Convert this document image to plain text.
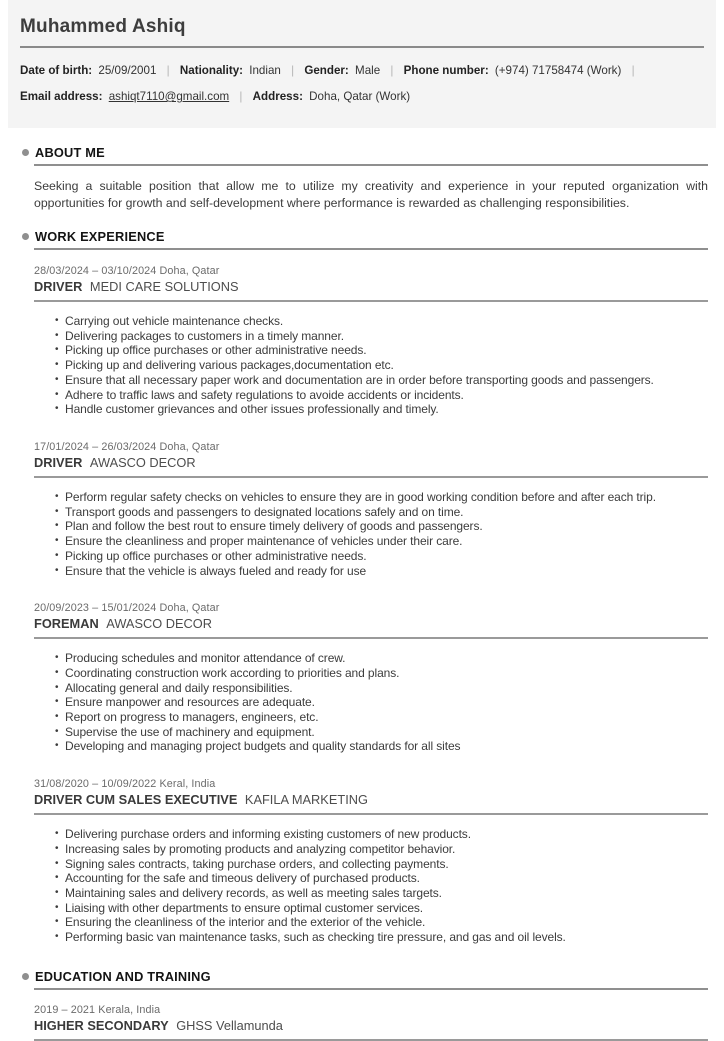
Muhammed Ashiq
Date of birth: 25/09/2001 | Nationality: Indian | Gender: Male | Phone number: (+974) 71758474 (Work) |
Email address: ashiqt7110@gmail.com | Address: Doha, Qatar (Work)
ABOUT ME

Seeking a suitable position that allow me to utilize my creativity and experience in your reputed organization with opportunities for growth and self-development where performance is rewarded as challenging responsibilities.

WORK EXPERIENCE
28/03/2024 – 03/10/2024 Doha, Qatar
DRIVER MEDI CARE SOLUTIONS
• Carrying out vehicle maintenance checks.
• Delivering packages to customers in a timely manner.
• Picking up office purchases or other administrative needs.
• Picking up and delivering various packages,documentation etc.
• Ensure that all necessary paper work and documentation are in order before transporting goods and passengers.
• Adhere to traffic laws and safety regulations to avoide accidents or incidents.
• Handle customer grievances and other issues professionally and timely.
17/01/2024 – 26/03/2024 Doha, Qatar
DRIVER AWASCO DECOR
• Perform regular safety checks on vehicles to ensure they are in good working condition before and after each trip.
• Transport goods and passengers to designated locations safely and on time.
• Plan and follow the best rout to ensure timely delivery of goods and passengers.
• Ensure the cleanliness and proper maintenance of vehicles under their care.
• Picking up office purchases or other administrative needs.
• Ensure that the vehicle is always fueled and ready for use
20/09/2023 – 15/01/2024 Doha, Qatar
FOREMAN AWASCO DECOR
• Producing schedules and monitor attendance of crew.
• Coordinating construction work according to priorities and plans.
• Allocating general and daily responsibilities.
• Ensure manpower and resources are adequate.
• Report on progress to managers, engineers, etc.
• Supervise the use of machinery and equipment.
• Developing and managing project budgets and quality standards for all sites
31/08/2020 – 10/09/2022 Keral, India
DRIVER CUM SALES EXECUTIVE KAFILA MARKETING
• Delivering purchase orders and informing existing customers of new products.
• Increasing sales by promoting products and analyzing competitor behavior.
• Signing sales contracts, taking purchase orders, and collecting payments.
• Accounting for the safe and timeous delivery of purchased products.
• Maintaining sales and delivery records, as well as meeting sales targets.
• Liaising with other departments to ensure optimal customer services.
• Ensuring the cleanliness of the interior and the exterior of the vehicle.
• Performing basic van maintenance tasks, such as checking tire pressure, and gas and oil levels.
EDUCATION AND TRAINING
2019 – 2021 Kerala, India
HIGHER SECONDARY GHSS Vellamunda
